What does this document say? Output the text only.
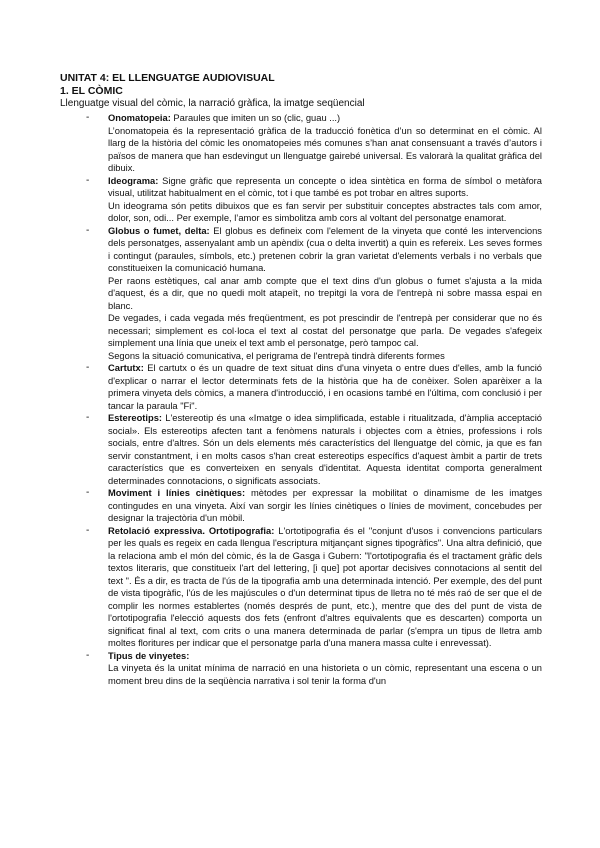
UNITAT 4: EL LLENGUATGE AUDIOVISUAL
1. EL CÒMIC
Llenguatge visual del còmic, la narració gràfica, la imatge seqüencial
- Onomatopeia: Paraules que imiten un so (clic, guau ...)

L’onomatopeia és la representació gràfica de la traducció fonètica d’un so determinat en el còmic. Al llarg de la història del còmic les onomatopeies més comunes s’han anat consensuant a través d’autors i països de manera que han esdevingut un llenguatge gairebé universal. Es valorarà la qualitat gràfica del dibuix.

- Ideograma: Signe gràfic que representa un concepte o idea sintètica en forma de símbol o metàfora visual, utilitzat habitualment en el còmic, tot i que també es pot trobar en altres suports.

Un ideograma són petits dibuixos que es fan servir per substituir conceptes abstractes tals com amor, dolor, son, odi... Per exemple, l’amor es simbolitza amb cors al voltant del personatge enamorat.

- Globus o fumet, delta: El globus es defineix com l'element de la vinyeta que conté les intervencions dels personatges, assenyalant amb un apèndix (cua o delta invertit) a quin es refereix. Les seves formes i contingut (paraules, símbols, etc.) pretenen cobrir la gran varietat d'elements verbals i no verbals que constitueixen la comunicació humana.

Per raons estètiques, cal anar amb compte que el text dins d'un globus o fumet s'ajusta a la mida d'aquest, és a dir, que no quedi molt atapeït, no trepitgi la vora de l'entrepà ni sobre massa espai en blanc.

De vegades, i cada vegada més freqüentment, es pot prescindir de l'entrepà per considerar que no és necessari; simplement es col·loca el text al costat del personatge que parla. De vegades s'afegeix simplement una línia que uneix el text amb el personatge, però tampoc cal.

Segons la situació comunicativa, el perigrama de l'entrepà tindrà diferents formes

- Cartutx: El cartutx o és un quadre de text situat dins d'una vinyeta o entre dues d'elles, amb la funció d'explicar o narrar el lector determinats fets de la història que ha de conèixer. Solen aparèixer a la primera vinyeta dels còmics, a manera d'introducció, i en ocasions també en l'última, com conclusió i per tancar la paraula "Fi".

- Estereotips: L'estereotip és una «Imatge o idea simplificada, estable i ritualitzada, d'àmplia acceptació social». Els estereotips afecten tant a fenòmens naturals i objectes com a ètnies, professions i rols socials, entre d'altres. Són un dels elements més característics del llenguatge del còmic, ja que es fan servir constantment, i en molts casos s'han creat estereotips específics d'aquest àmbit a partir de trets característics que es converteixen en senyals d'identitat. Aquesta identitat comporta generalment determinades connotacions, o significats associats.

- Moviment i línies cinètiques: mètodes per expressar la mobilitat o dinamisme de les imatges contingudes en una vinyeta. Així van sorgir les línies cinètiques o línies de moviment, concebudes per designar la trajectòria d'un mòbil.

- Retolació expressiva. Ortotipografia: L'ortotipografia és el "conjunt d'usos i convencions particulars per les quals es regeix en cada llengua l'escriptura mitjançant signes tipogràfics". Una altra definició, que la relaciona amb el món del còmic, és la de Gasga i Gubern: "l'ortotipografia és el tractament gràfic dels textos literaris, que constitueix l'art del lettering, [i que] pot aportar decisives connotacions al sentit del text ". És a dir, es tracta de l'ús de la tipografia amb una determinada intenció. Per exemple, des del punt de vista tipogràfic, l'ús de les majúscules o d'un determinat tipus de lletra no té més raó de ser que el de complir les normes establertes (només després de punt, etc.), mentre que des del punt de vista de l'ortotipografia l'elecció aquests dos fets (enfront d'altres equivalents que es descarten) comporta un significat final al text, com crits o una manera determinada de parlar (s'empra un tipus de lletra amb moltes floritures per indicar que el personatge parla d'una manera massa culte i enrevessat).

- Tipus de vinyetes:

La vinyeta és la unitat mínima de narració en una historieta o un còmic, representant una escena o un moment breu dins de la seqüència narrativa i sol tenir la forma d'un
